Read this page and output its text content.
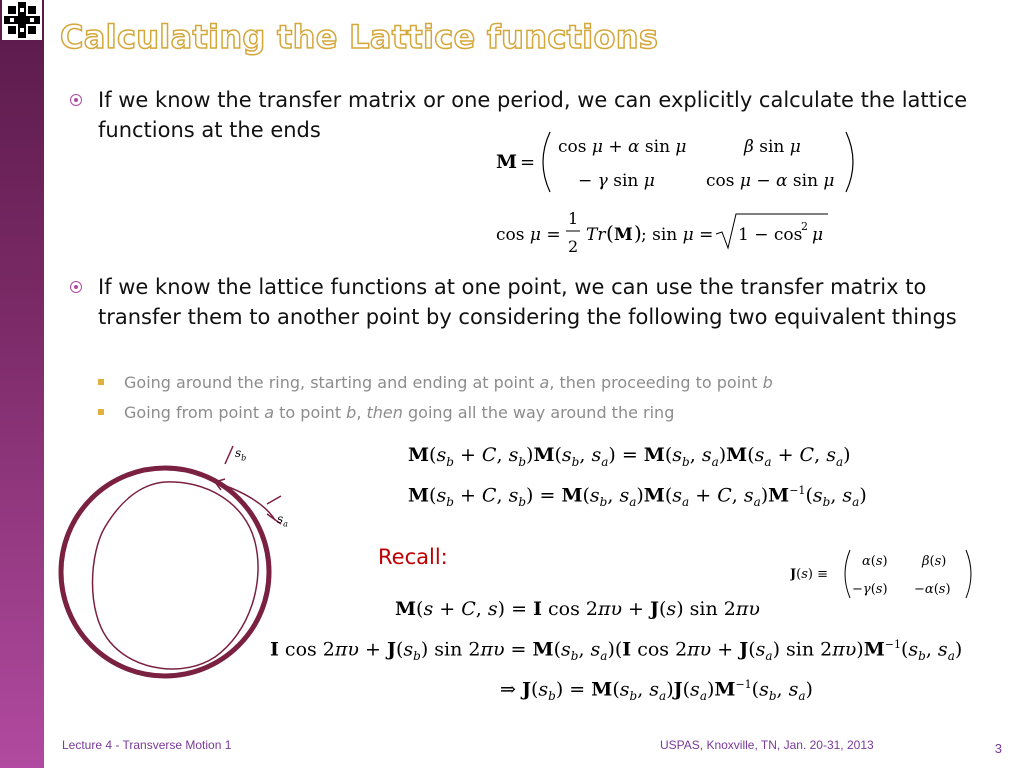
Calculating the Lattice functions
If we know the transfer matrix or one period, we can explicitly calculate the lattice functions at the ends
M =
cos μ + α sin μ	β sin μ
− γ sin μ	cos μ − α sin μ
cos μ =
1
2
Tr ( M ) ; sin μ = 1 − cos
2 μ
If we know the lattice functions at one point, we can use the transfer matrix to transfer them to another point by considering the following two equivalent things
Going around the ring, starting and ending at point a, then proceeding to point b
Going from point a to point b, then going all the way around the ring
$s_b$
$s_a$
$M(s_b + C$, $s_b)M(s_b$, $s_a) = M(s_b$, $s_a)M(s_a + C$, $s_a$)
$M(s_b + C$, $s_b) = M(s_b$, $s_a)M(s_a + C$, $s_a)M^{-1}(s_b$, $s_a$)
Recall:
J(s) ≡
α(s)	β(s)
−γ(s) −α(s)
M(s + C, s) = I cos 2πυ + J(s) sin 2πυ
I $\cos 2\pi\upsilon + J(s_b)$ $\sin 2\pi\upsilon = M(s_b$, $s_a)(I$ $\cos 2\pi\upsilon + J(s_a)$ $\sin 2\pi\upsilon)M^{-1}(s_b$, $s_a$)
⇒ $J(s_b) = M(s_b$, $s_a)J(s_a)M^{-1}(s_b$, $s_a$)
Lecture 4 - Transverse Motion 1	USPAS, Knoxville, TN, Jan. 20-31, 2013	3
